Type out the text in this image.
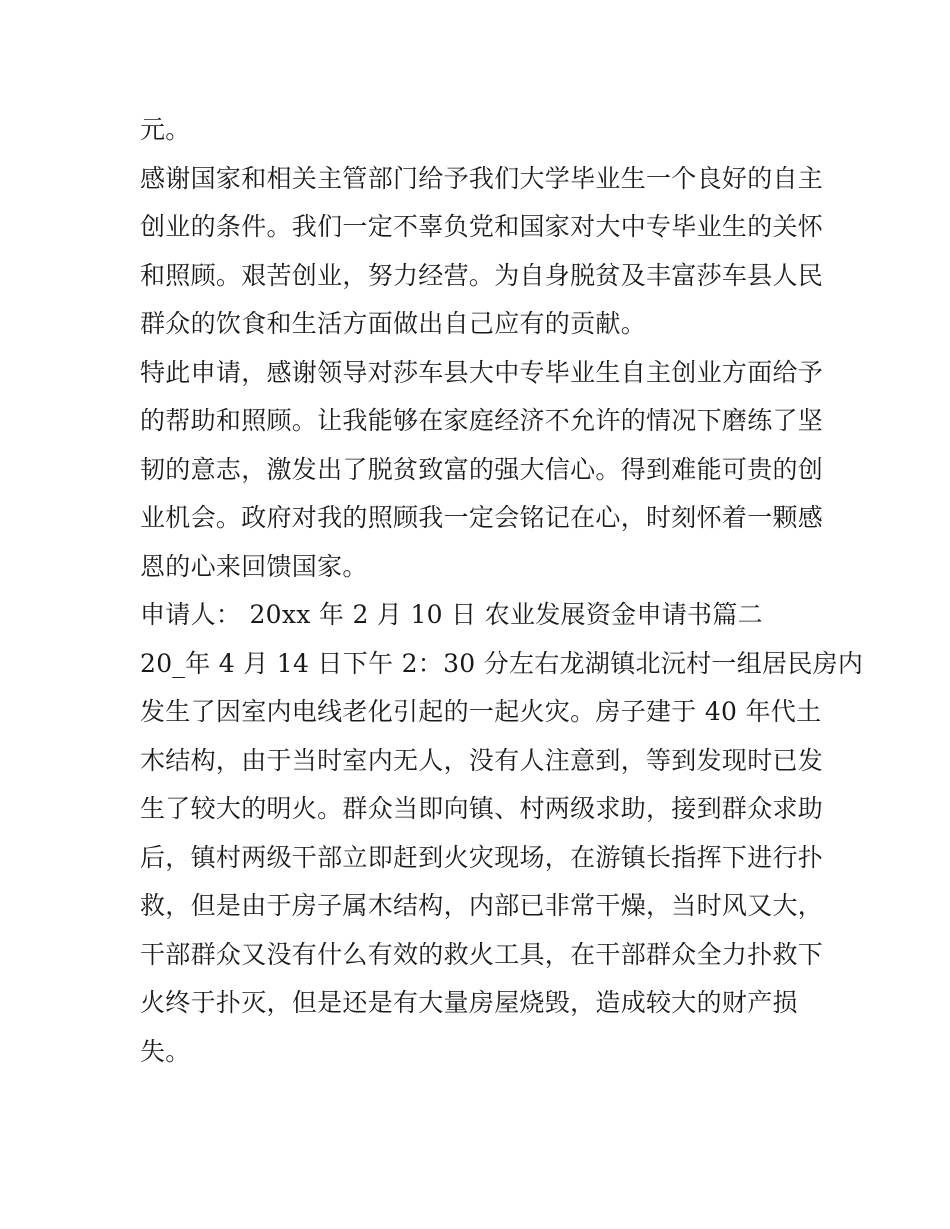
元。

感谢国家和相关主管部门给予我们大学毕业生一个良好的自主

创业的条件。我们一定不辜负党和国家对大中专毕业生的关怀

和照顾。艰苦创业，努力经营。为自身脱贫及丰富莎车县人民

群众的饮食和生活方面做出自己应有的贡献。

特此申请，感谢领导对莎车县大中专毕业生自主创业方面给予

的帮助和照顾。让我能够在家庭经济不允许的情况下磨练了坚

韧的意志，激发出了脱贫致富的强大信心。得到难能可贵的创

业机会。政府对我的照顾我一定会铭记在心，时刻怀着一颗感

恩的心来回馈国家。

申请人： 20xx 年 2 月 10 日 农业发展资金申请书篇二

20_年 4 月 14 日下午 2：30 分左右龙湖镇北沅村一组居民房内

发生了因室内电线老化引起的一起火灾。房子建于 40 年代土

木结构，由于当时室内无人，没有人注意到，等到发现时已发

生了较大的明火。群众当即向镇、村两级求助，接到群众求助

后，镇村两级干部立即赶到火灾现场，在游镇长指挥下进行扑

救，但是由于房子属木结构，内部已非常干燥，当时风又大，

干部群众又没有什么有效的救火工具，在干部群众全力扑救下

火终于扑灭，但是还是有大量房屋烧毁，造成较大的财产损

失。
